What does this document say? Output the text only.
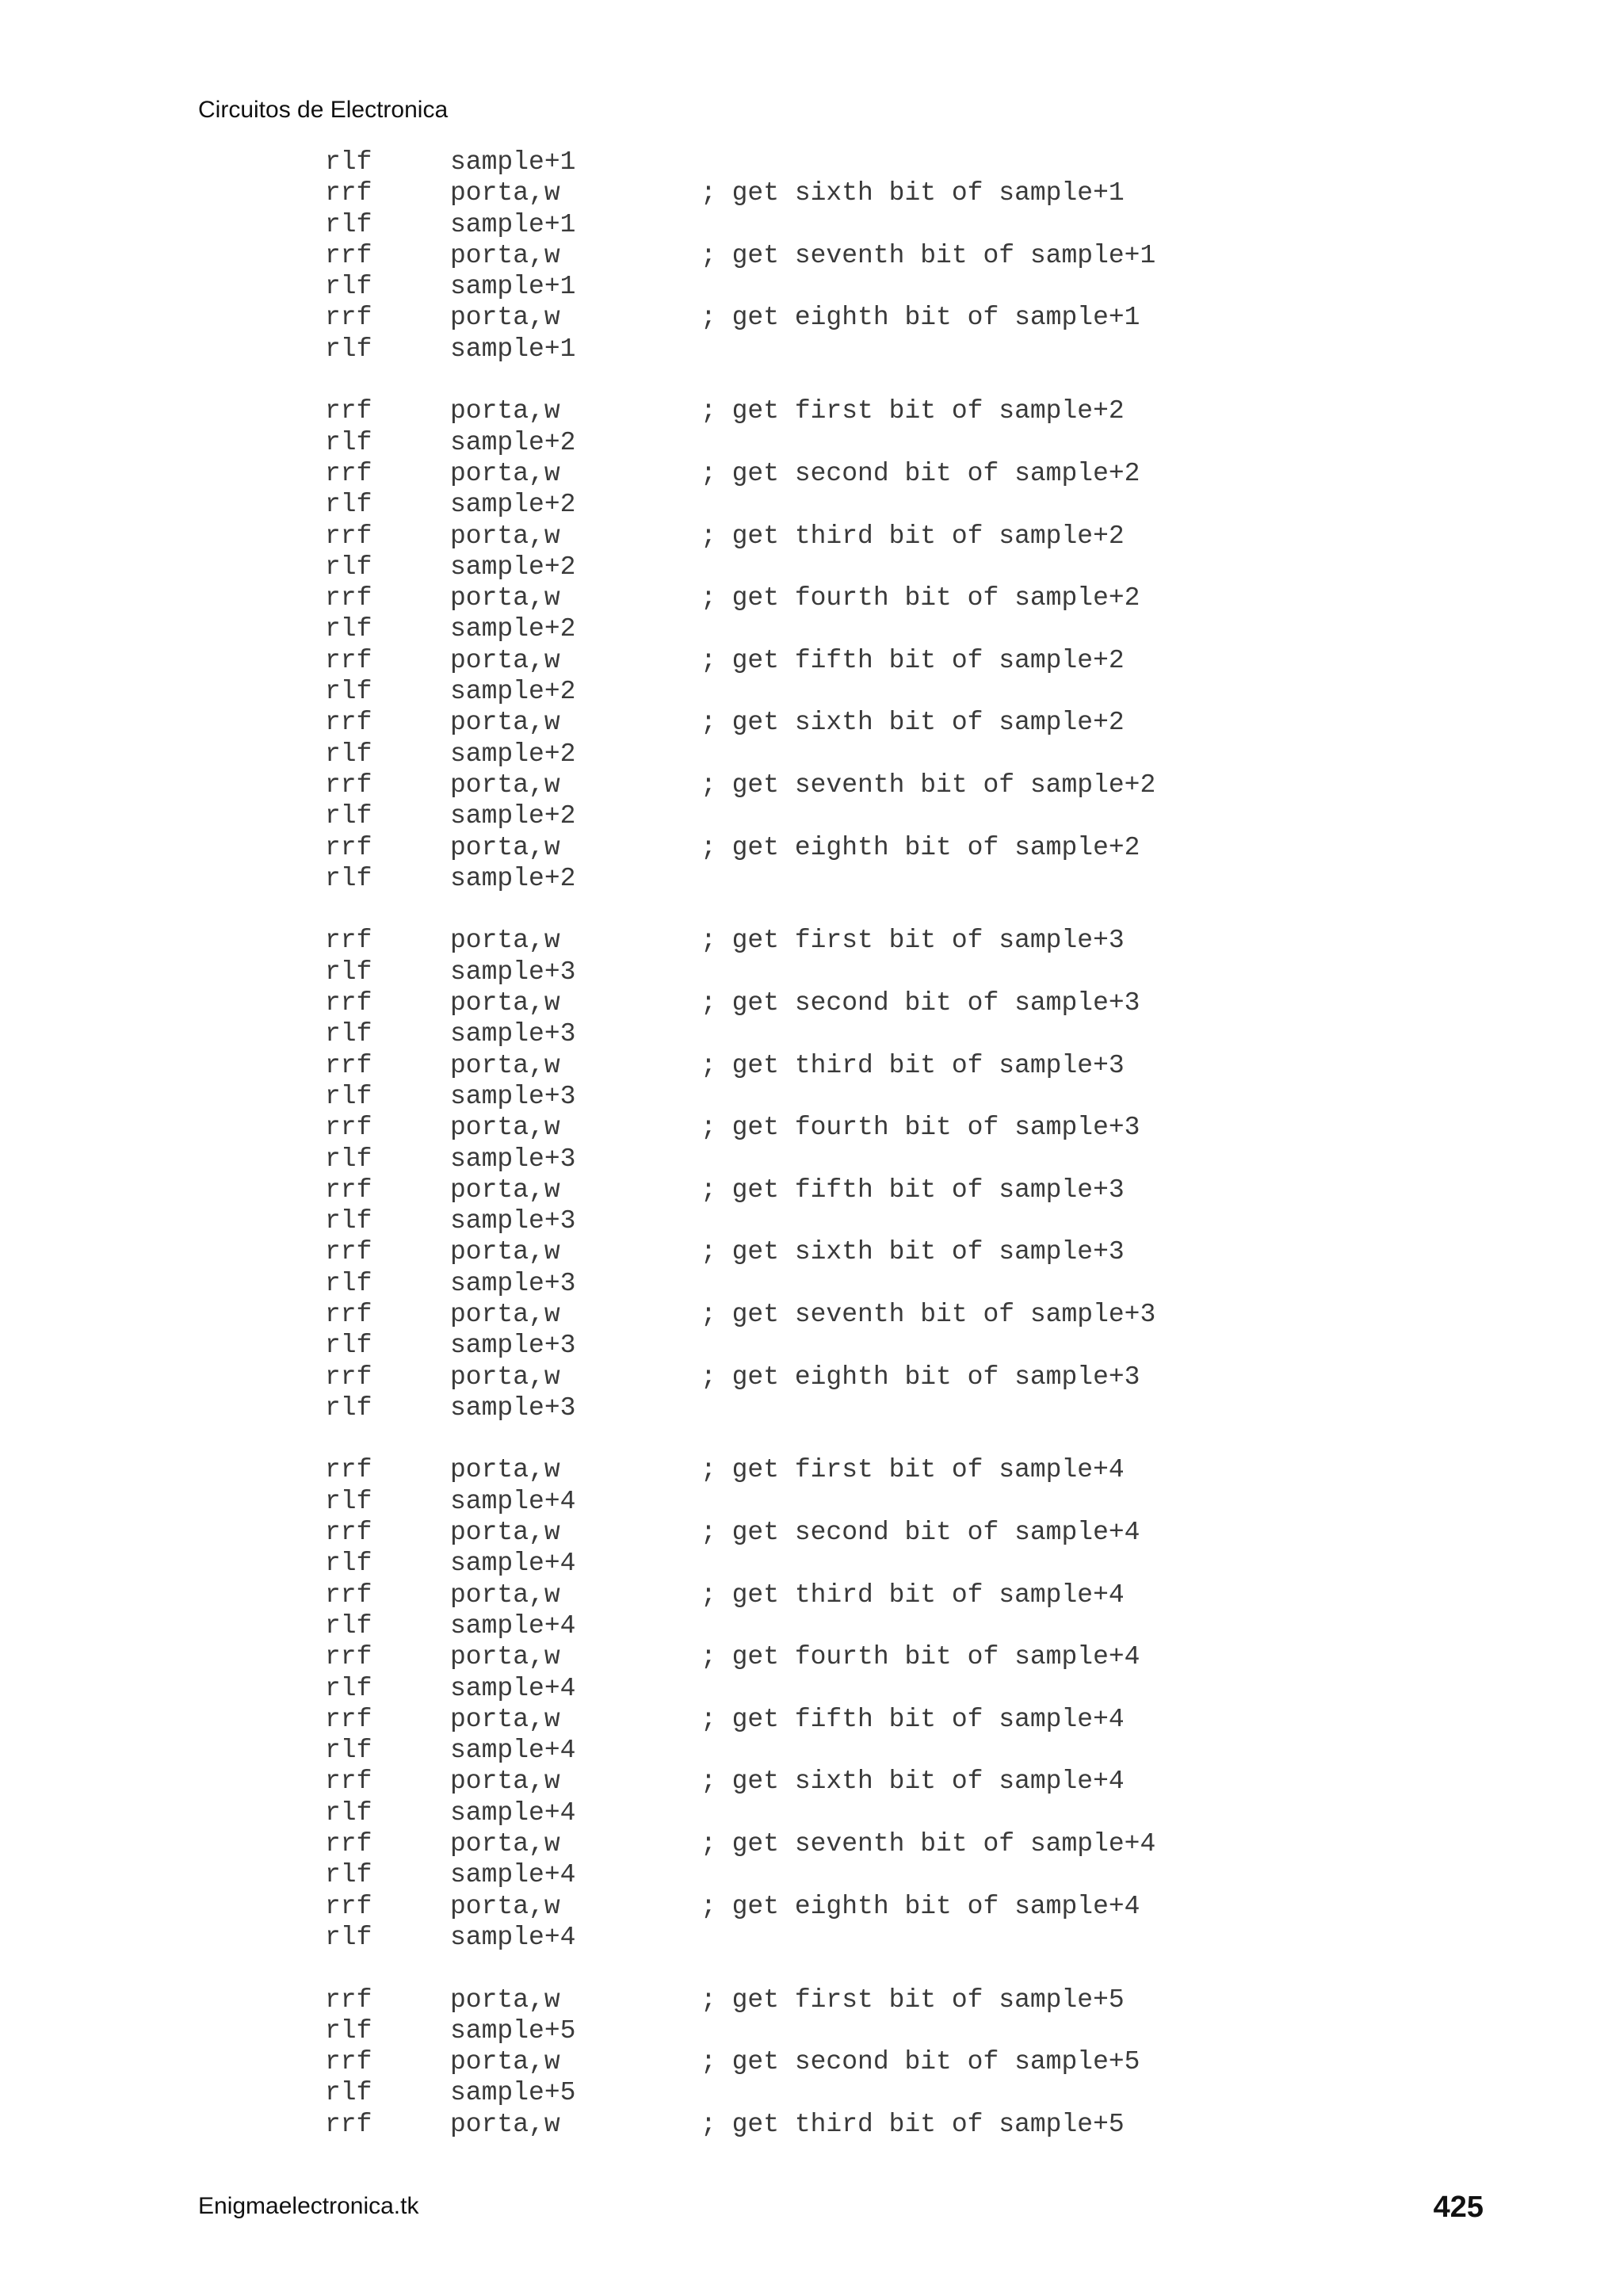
Circuitos de Electronica
rlf	sample+1
rrf	porta,w	; get sixth bit of sample+1
rlf	sample+1
rrf	porta,w	; get seventh bit of sample+1
rlf	sample+1
rrf	porta,w	; get eighth bit of sample+1
rlf	sample+1
rrf	porta,w	; get first bit of sample+2
rlf	sample+2
rrf	porta,w	; get second bit of sample+2
rlf	sample+2
rrf	porta,w	; get third bit of sample+2
rlf	sample+2
rrf	porta,w	; get fourth bit of sample+2
rlf	sample+2
rrf	porta,w	; get fifth bit of sample+2
rlf	sample+2
rrf	porta,w	; get sixth bit of sample+2
rlf	sample+2
rrf	porta,w	; get seventh bit of sample+2
rlf	sample+2
rrf	porta,w	; get eighth bit of sample+2
rlf	sample+2
rrf	porta,w	; get first bit of sample+3
rlf	sample+3
rrf	porta,w	; get second bit of sample+3
rlf	sample+3
rrf	porta,w	; get third bit of sample+3
rlf	sample+3
rrf	porta,w	; get fourth bit of sample+3
rlf	sample+3
rrf	porta,w	; get fifth bit of sample+3
rlf	sample+3
rrf	porta,w	; get sixth bit of sample+3
rlf	sample+3
rrf	porta,w	; get seventh bit of sample+3
rlf	sample+3
rrf	porta,w	; get eighth bit of sample+3
rlf	sample+3
rrf	porta,w	; get first bit of sample+4
rlf	sample+4
rrf	porta,w	; get second bit of sample+4
rlf	sample+4
rrf	porta,w	; get third bit of sample+4
rlf	sample+4
rrf	porta,w	; get fourth bit of sample+4
rlf	sample+4
rrf	porta,w	; get fifth bit of sample+4
rlf	sample+4
rrf	porta,w	; get sixth bit of sample+4
rlf	sample+4
rrf	porta,w	; get seventh bit of sample+4
rlf	sample+4
rrf	porta,w	; get eighth bit of sample+4
rlf	sample+4
rrf	porta,w	; get first bit of sample+5
rlf	sample+5
rrf	porta,w	; get second bit of sample+5
rlf	sample+5
rrf	porta,w	; get third bit of sample+5
Enigmaelectronica.tk	425
